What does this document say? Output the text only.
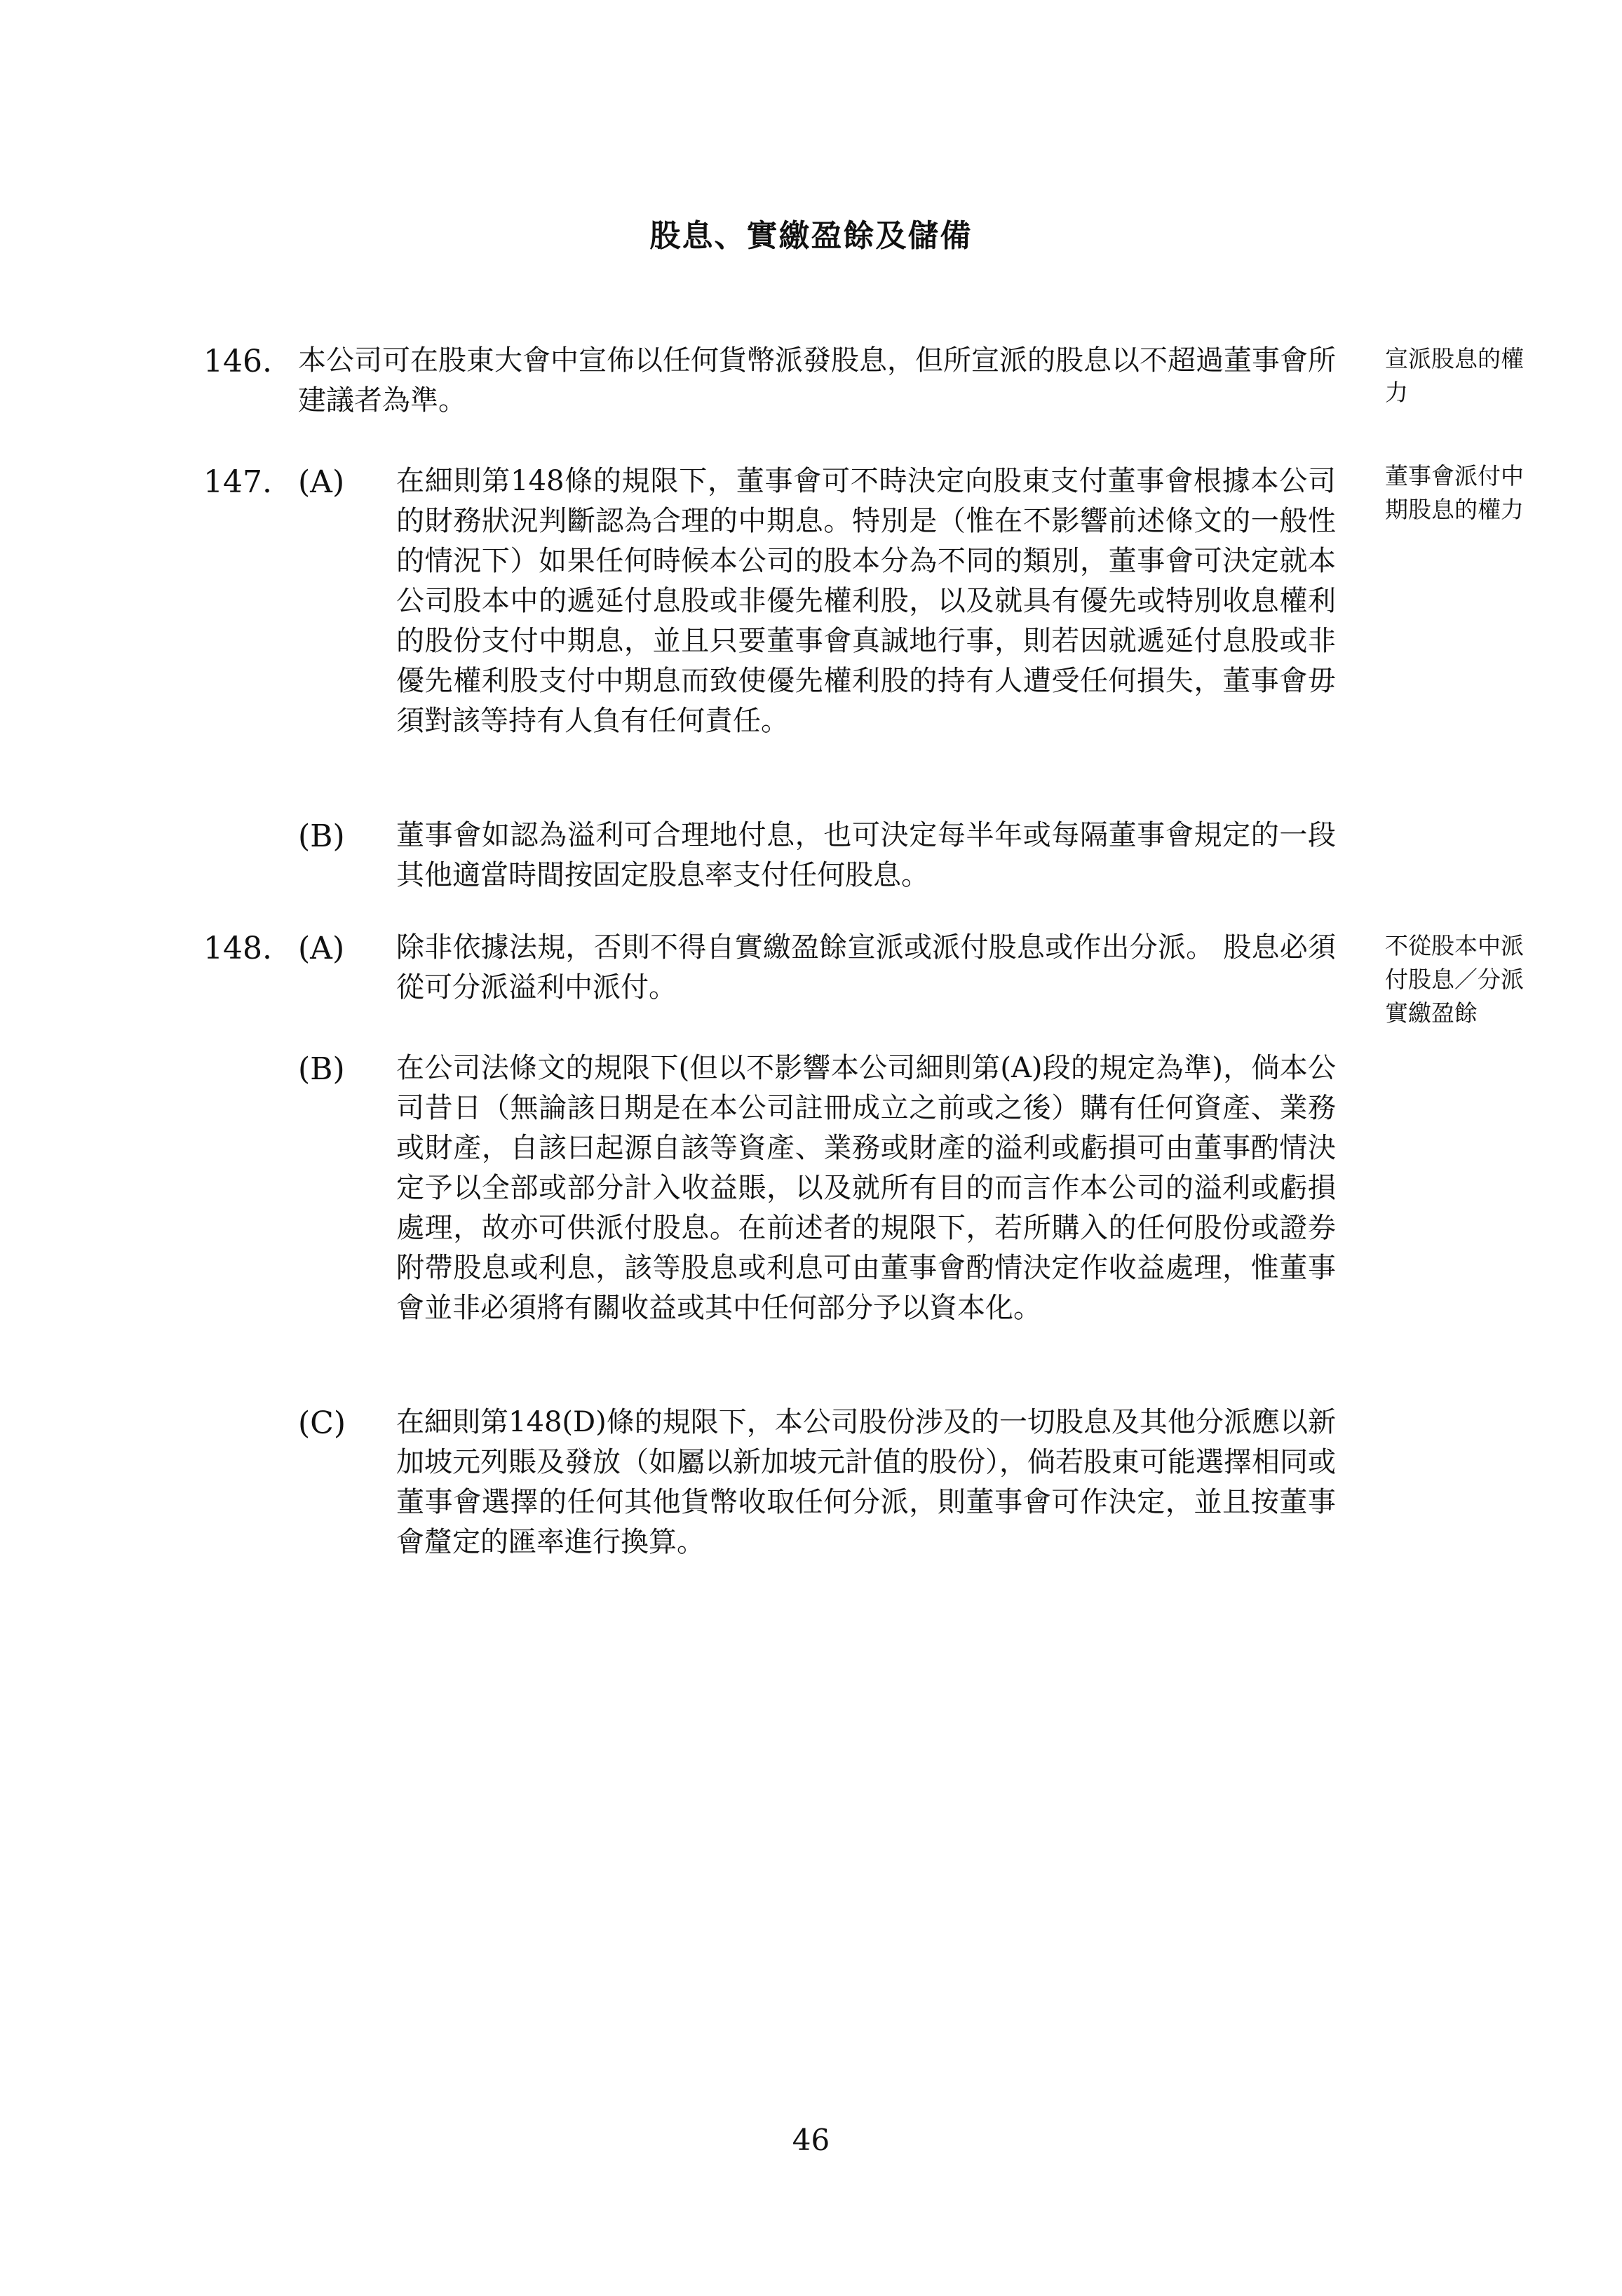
股息、實繳盈餘及儲備
146. 本公司可在股東大會中宣佈以任何貨幣派發股息，但所宣派的股息以不超過董事會所建議者為準。
宣派股息的權力
147. (A) 在細則第148條的規限下，董事會可不時決定向股東支付董事會根據本公司的財務狀況判斷認為合理的中期息。特別是（惟在不影響前述條文的一般性的情況下）如果任何時候本公司的股本分為不同的類別，董事會可決定就本公司股本中的遞延付息股或非優先權利股，以及就具有優先或特別收息權利的股份支付中期息，並且只要董事會真誠地行事，則若因就遞延付息股或非優先權利股支付中期息而致使優先權利股的持有人遭受任何損失，董事會毋須對該等持有人負有任何責任。
董事會派付中 期股息的權力
(B) 董事會如認為溢利可合理地付息，也可決定每半年或每隔董事會規定的一段其他適當時間按固定股息率支付任何股息。
148. (A) 除非依據法規，否則不得自實繳盈餘宣派或派付股息或作出分派。 股息必須從可分派溢利中派付。
不從股本中派 付股息／分派 實繳盈餘
(B) 在公司法條文的規限下(但以不影響本公司細則第(A)段的規定為準)，倘本公司昔日（無論該日期是在本公司註冊成立之前或之後）購有任何資產、業務或財產，自該曰起源自該等資產、業務或財產的溢利或虧損可由董事酌情決定予以全部或部分計入收益賬，以及就所有目的而言作本公司的溢利或虧損處理，故亦可供派付股息。在前述者的規限下，若所購入的任何股份或證券附帶股息或利息，該等股息或利息可由董事會酌情決定作收益處理，惟董事會並非必須將有關收益或其中任何部分予以資本化。
(C) 在細則第148(D)條的規限下，本公司股份涉及的一切股息及其他分派應以新加坡元列賬及發放（如屬以新加坡元計值的股份），倘若股東可能選擇相同或董事會選擇的任何其他貨幣收取任何分派，則董事會可作決定，並且按董事會釐定的匯率進行換算。
46
